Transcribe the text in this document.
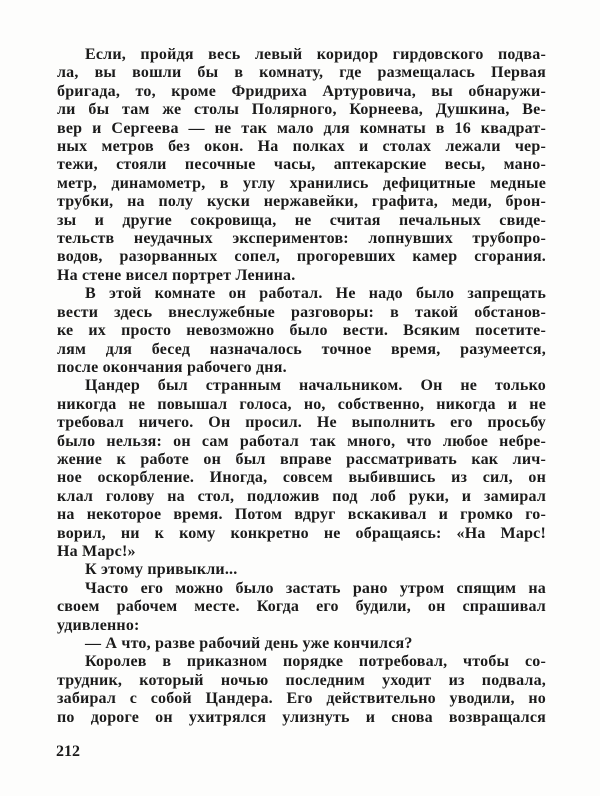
Если, пройдя весь левый коридор гирдовского подва-
ла, вы вошли бы в комнату, где размещалась Первая
бригада, то, кроме Фридриха Артуровича, вы обнаружи-
ли бы там же столы Полярного, Корнеева, Душкина, Ве-
вер и Сергеева — не так мало для комнаты в 16 квадрат-
ных метров без окон. На полках и столах лежали чер-
тежи, стояли песочные часы, аптекарские весы, мано-
метр, динамометр, в углу хранились дефицитные медные
трубки, на полу куски нержавейки, графита, меди, брон-
зы и другие сокровища, не считая печальных свиде-
тельств неудачных экспериментов: лопнувших трубопро-
водов, разорванных сопел, прогоревших камер сгорания.
На стене висел портрет Ленина.
В этой комнате он работал. Не надо было запрещать
вести здесь внеслужебные разговоры: в такой обстанов-
ке их просто невозможно было вести. Всяким посетите-
лям для бесед назначалось точное время, разумеется,
после окончания рабочего дня.
Цандер был странным начальником. Он не только
никогда не повышал голоса, но, собственно, никогда и не
требовал ничего. Он просил. Не выполнить его просьбу
было нельзя: он сам работал так много, что любое небре-
жение к работе он был вправе рассматривать как лич-
ное оскорбление. Иногда, совсем выбившись из сил, он
клал голову на стол, подложив под лоб руки, и замирал
на некоторое время. Потом вдруг вскакивал и громко го-
ворил, ни к кому конкретно не обращаясь: «На Марс!
На Марс!»
К этому привыкли...
Часто его можно было застать рано утром спящим на
своем рабочем месте. Когда его будили, он спрашивал
удивленно:
— А что, разве рабочий день уже кончился?
Королев в приказном порядке потребовал, чтобы со-
трудник, который ночью последним уходит из подвала,
забирал с собой Цандера. Его действительно уводили, но
по дороге он ухитрялся улизнуть и снова возвращался
212
